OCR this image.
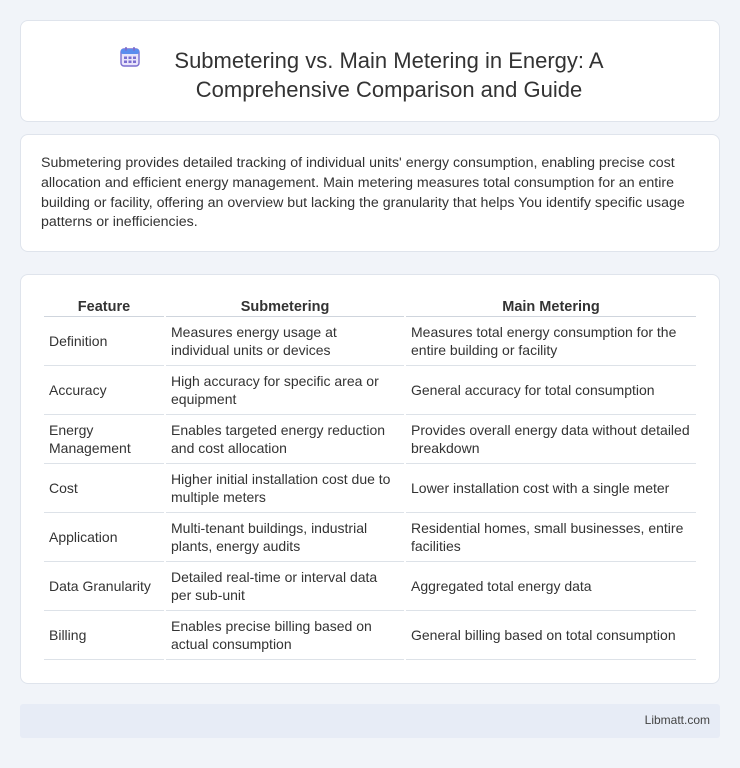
Submetering vs. Main Metering in Energy: A Comprehensive Comparison and Guide

Submetering provides detailed tracking of individual units' energy consumption, enabling precise cost allocation and efficient energy management. Main metering measures total consumption for an entire building or facility, offering an overview but lacking the granularity that helps You identify specific usage patterns or inefficiencies.

Feature	Submetering	Main Metering
Definition	Measures energy usage at individual units or devices	Measures total energy consumption for the entire building or facility
Accuracy	High accuracy for specific area or equipment	General accuracy for total consumption
Energy Management	Enables targeted energy reduction and cost allocation	Provides overall energy data without detailed breakdown
Cost	Higher initial installation cost due to multiple meters	Lower installation cost with a single meter
Application	Multi-tenant buildings, industrial plants, energy audits	Residential homes, small businesses, entire facilities
Data Granularity	Detailed real-time or interval data per sub-unit	Aggregated total energy data
Billing	Enables precise billing based on actual consumption	General billing based on total consumption
Libmatt.com
